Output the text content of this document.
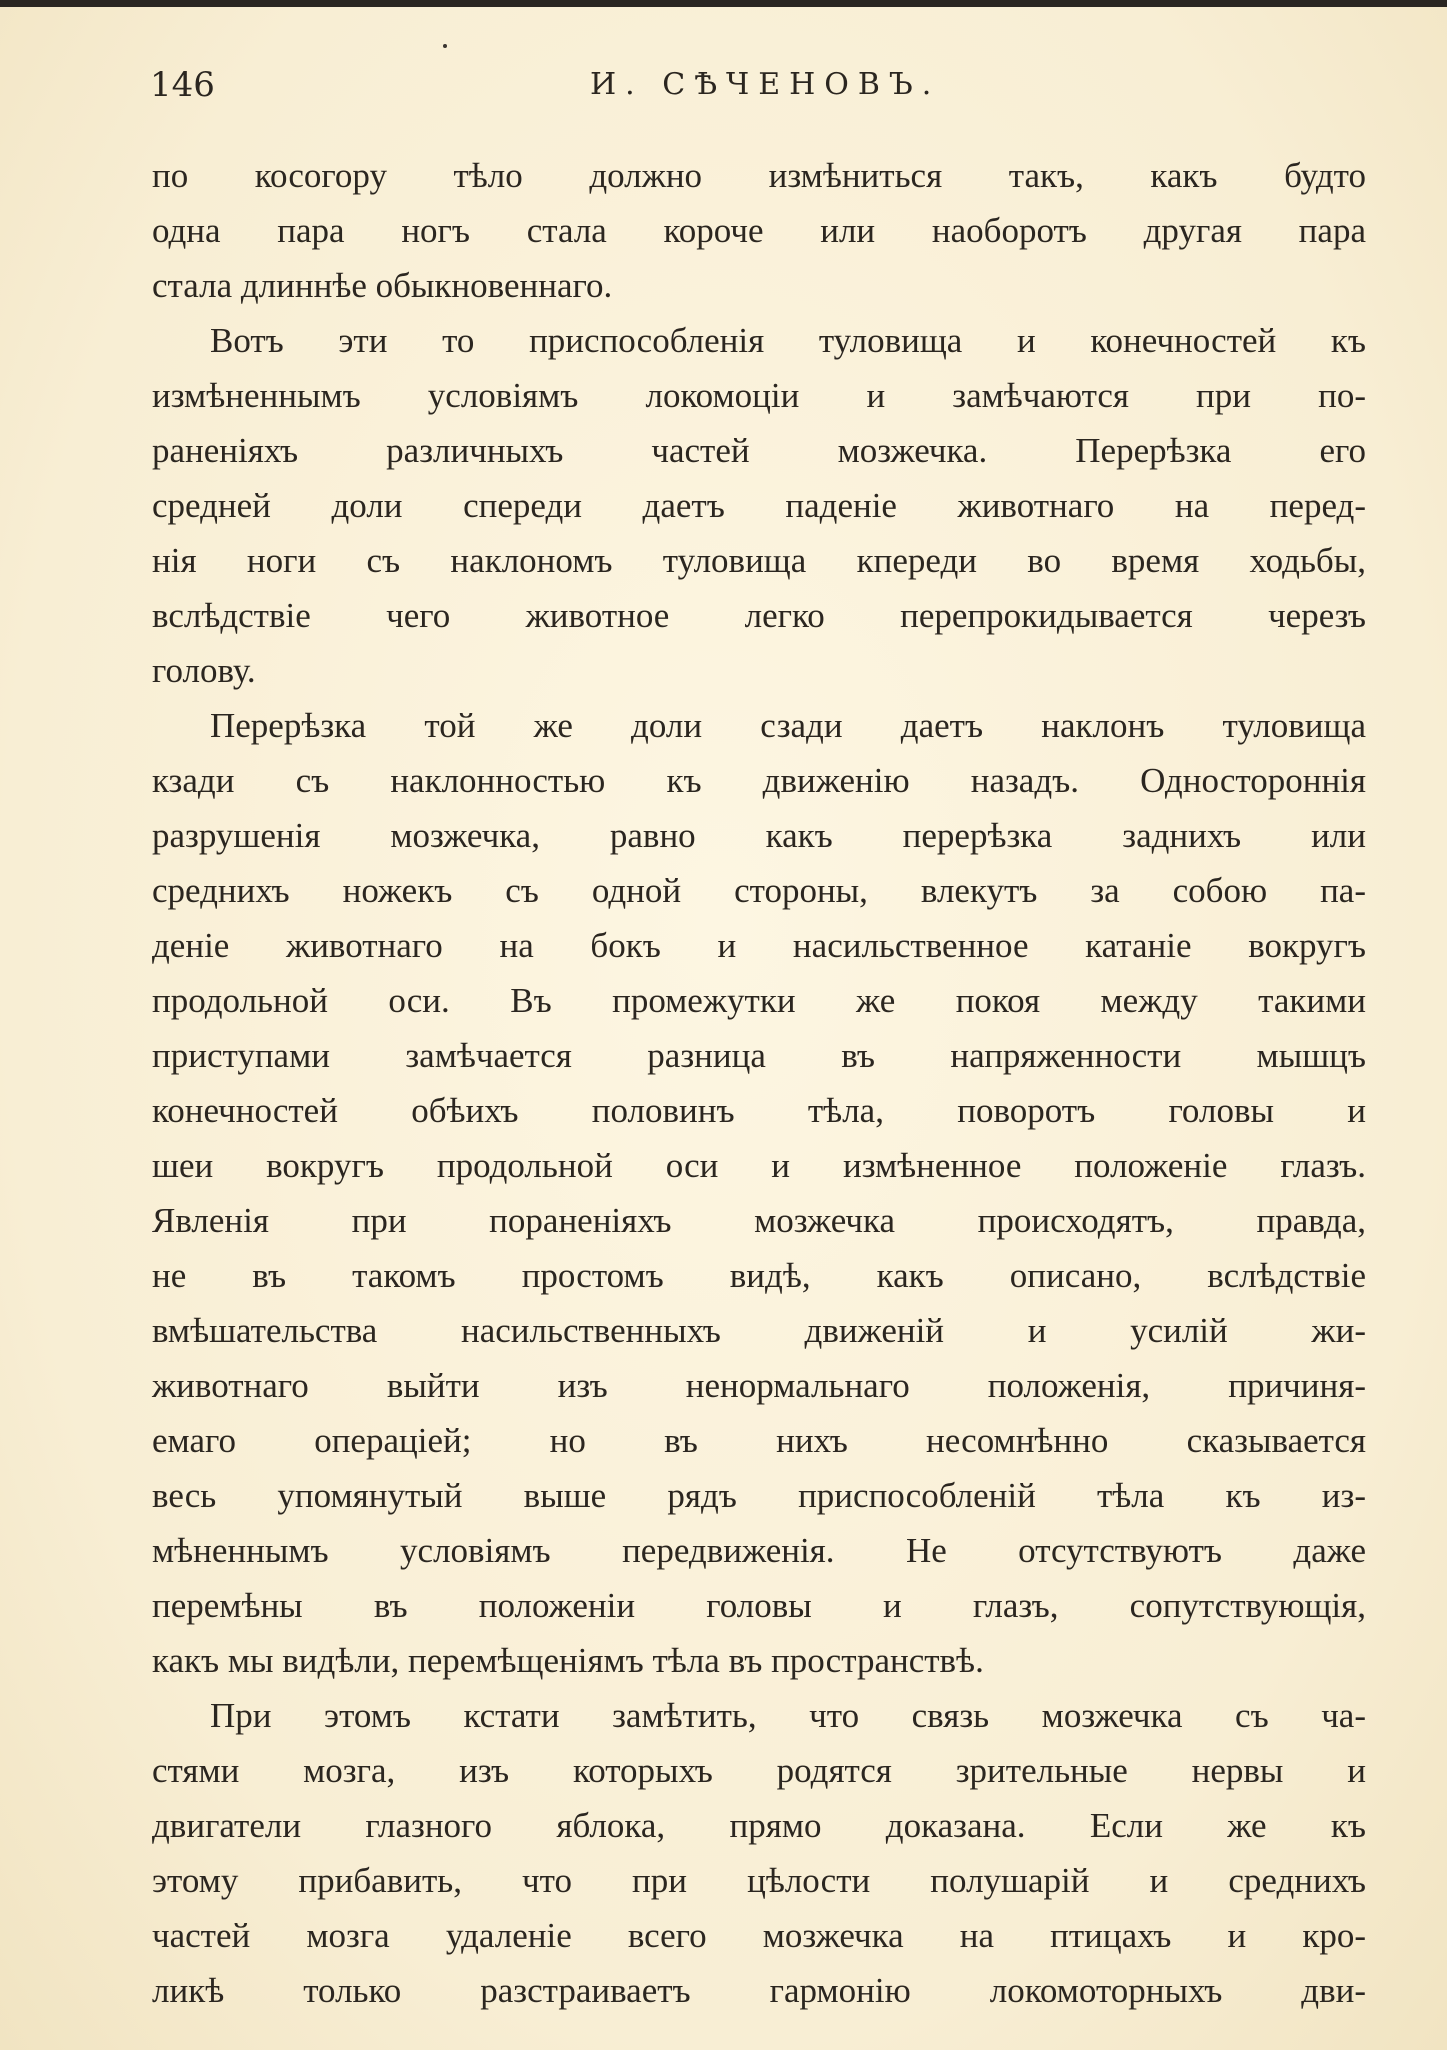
146	И. СѢЧЕНОВЪ.
по косогору тѣло должно измѣниться такъ, какъ будто
одна пара ногъ стала короче или наоборотъ другая пара
стала длиннѣе обыкновеннаго.
Вотъ эти то приспособленія туловища и конечностей къ
измѣненнымъ условіямъ локомоціи и замѣчаются при по-
раненіяхъ различныхъ частей мозжечка. Перерѣзка его
средней доли спереди даетъ паденіе животнаго на перед-
нія ноги съ наклономъ туловища кпереди во время ходьбы,
вслѣдствіе чего животное легко перепрокидывается черезъ
голову.
Перерѣзка той же доли сзади даетъ наклонъ туловища
кзади съ наклонностью къ движенію назадъ. Одностороннія
разрушенія мозжечка, равно какъ перерѣзка заднихъ или
среднихъ ножекъ съ одной стороны, влекутъ за собою па-
деніе животнаго на бокъ и насильственное катаніе вокругъ
продольной оси. Въ промежутки же покоя между такими
приступами замѣчается разница въ напряженности мышцъ
конечностей обѣихъ половинъ тѣла, поворотъ головы и
шеи вокругъ продольной оси и измѣненное положеніе глазъ.
Явленія при пораненіяхъ мозжечка происходятъ, правда,
не въ такомъ простомъ видѣ, какъ описано, вслѣдствіе
вмѣшательства насильственныхъ движеній и усилій жи-
животнаго выйти изъ ненормальнаго положенія, причиня-
емаго операціей; но въ нихъ несомнѣнно сказывается
весь упомянутый выше рядъ приспособленій тѣла къ из-
мѣненнымъ условіямъ передвиженія. Не отсутствуютъ даже
перемѣны въ положеніи головы и глазъ, сопутствующія,
какъ мы видѣли, перемѣщеніямъ тѣла въ пространствѣ.
При этомъ кстати замѣтить, что связь мозжечка съ ча-
стями мозга, изъ которыхъ родятся зрительные нервы и
двигатели глазного яблока, прямо доказана. Если же къ
этому прибавить, что при цѣлости полушарій и среднихъ
частей мозга удаленіе всего мозжечка на птицахъ и кро-
ликѣ только разстраиваетъ гармонію локомоторныхъ дви-
